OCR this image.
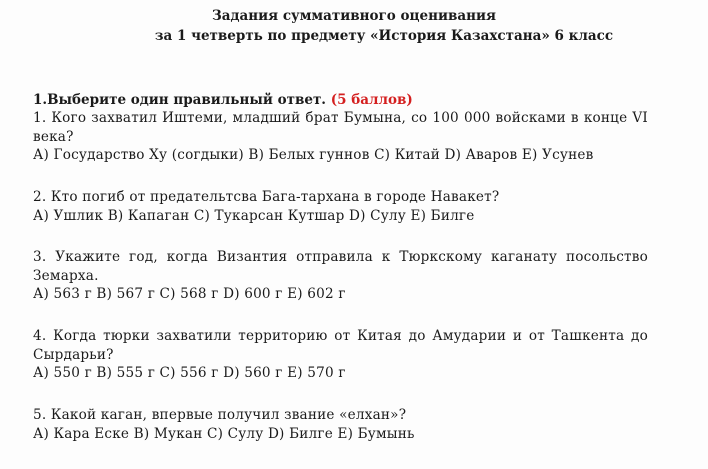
Задания суммативного оценивания
за 1 четверть по предмету «История Казахстана» 6 класс
1.Выберите один правильный ответ. (5 баллов)
1. Кого захватил Иштеми, младший брат Бумына, со 100 000 войсками в конце VI века?
А) Государство Ху (согдыки) В) Белых гуннов С) Китай D) Аваров Е) Усунев
2. Кто погиб от предательтсва Бага-тархана в городе Навакет?
А) Ушлик В) Капаган С) Тукарсан Кутшар D) Сулу Е) Билге
3. Укажите год, когда Византия отправила к Тюркскому каганату посольство Земарха.
А) 563 г В) 567 г С) 568 г D) 600 г Е) 602 г
4. Когда тюрки захватили территорию от Китая до Амударии и от Ташкента до Сырдарьи?
А) 550 г В) 555 г С) 556 г D) 560 г Е) 570 г
5. Какой каган, впервые получил звание «елхан»?
А) Кара Еске В) Мукан С) Сулу D) Билге Е) Бумынь
